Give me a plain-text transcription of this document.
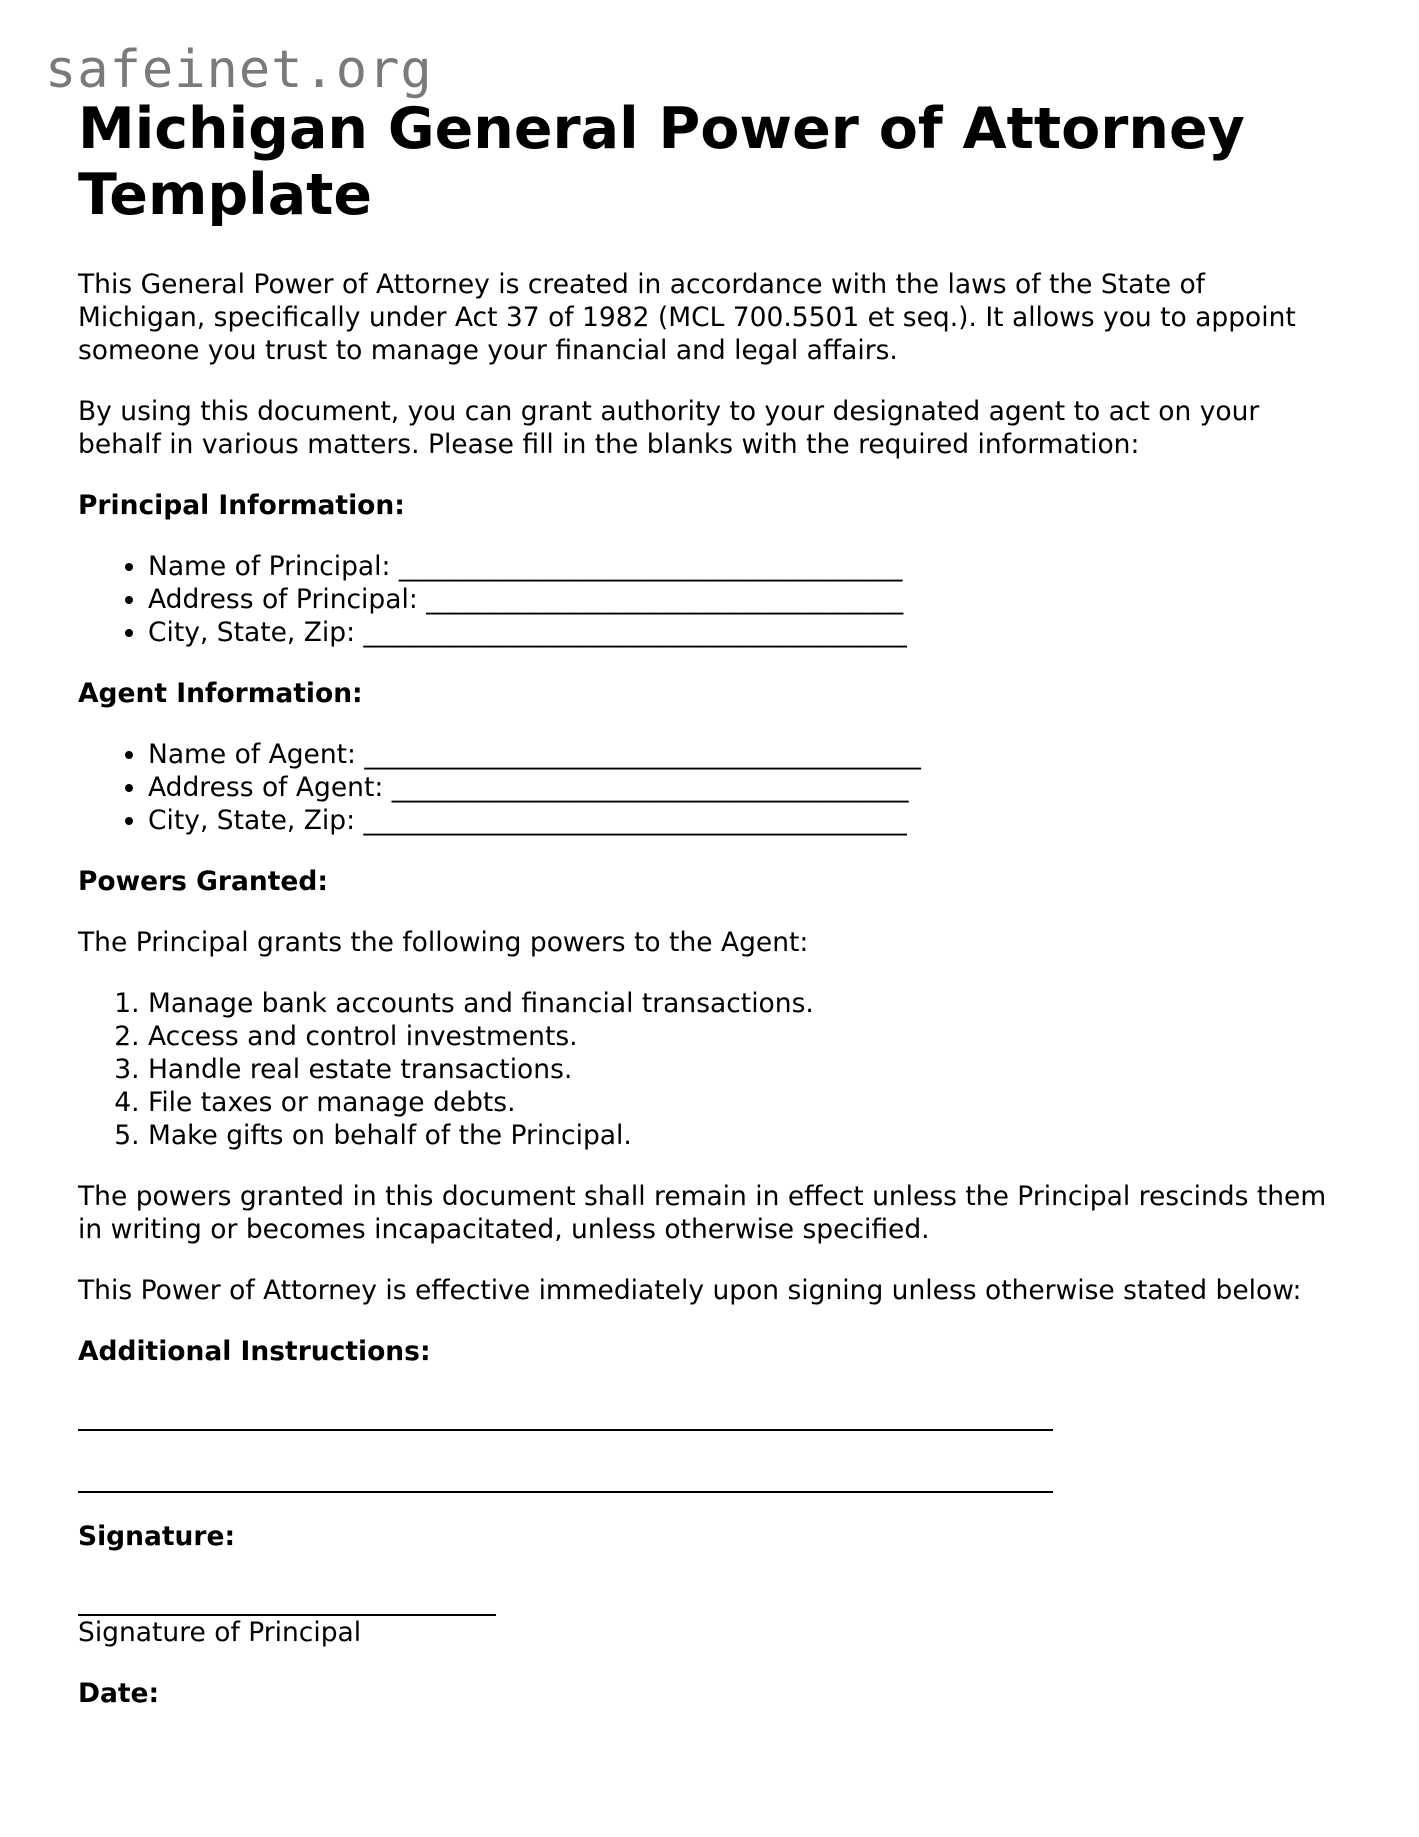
safeinet.org
Michigan General Power of Attorney Template

This General Power of Attorney is created in accordance with the laws of the State of Michigan, specifically under Act 37 of 1982 (MCL 700.5501 et seq.). It allows you to appoint someone you trust to manage your financial and legal affairs.

By using this document, you can grant authority to your designated agent to act on your behalf in various matters. Please fill in the blanks with the required information:

Principal Information:
• Name of Principal: ______________________________________
• Address of Principal: ____________________________________
• City, State, Zip: _________________________________________
Agent Information:
• Name of Agent: __________________________________________
• Address of Agent: _______________________________________
• City, State, Zip: _________________________________________
Powers Granted:

The Principal grants the following powers to the Agent:

1. Manage bank accounts and financial transactions.
2. Access and control investments.
3. Handle real estate transactions.
4. File taxes or manage debts.
5. Make gifts on behalf of the Principal.

The powers granted in this document shall remain in effect unless the Principal rescinds them in writing or becomes incapacitated, unless otherwise specified.

This Power of Attorney is effective immediately upon signing unless otherwise stated below:

Additional Instructions:
Signature:
Signature of Principal
Date:
